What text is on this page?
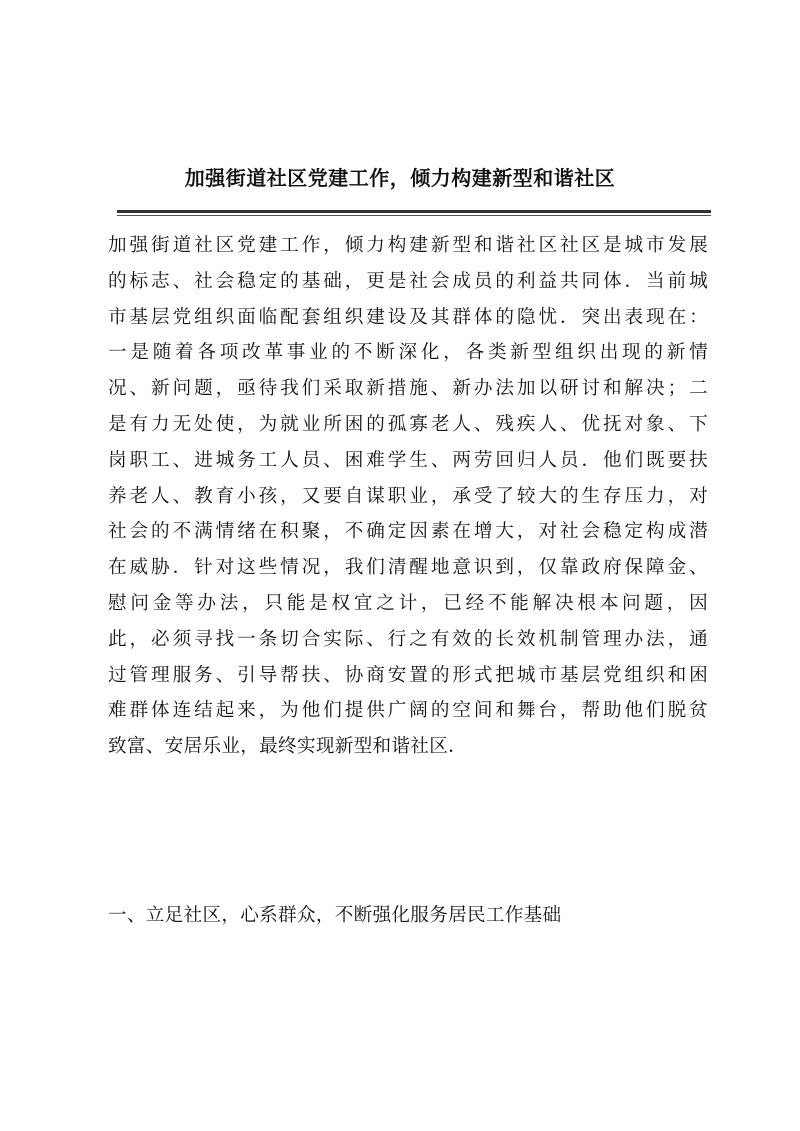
加强街道社区党建工作，倾力构建新型和谐社区
加强街道社区党建工作，倾力构建新型和谐社区社区是城市发展
的标志、社会稳定的基础，更是社会成员的利益共同体．当前城
市基层党组织面临配套组织建设及其群体的隐忧．突出表现在：
一是随着各项改革事业的不断深化，各类新型组织出现的新情
况、新问题，亟待我们采取新措施、新办法加以研讨和解决；二
是有力无处使，为就业所困的孤寡老人、残疾人、优抚对象、下
岗职工、进城务工人员、困难学生、两劳回归人员．他们既要扶
养老人、教育小孩，又要自谋职业，承受了较大的生存压力，对
社会的不满情绪在积聚，不确定因素在增大，对社会稳定构成潜
在威胁．针对这些情况，我们清醒地意识到，仅靠政府保障金、
慰问金等办法，只能是权宜之计，已经不能解决根本问题，因
此，必须寻找一条切合实际、行之有效的长效机制管理办法，通
过管理服务、引导帮扶、协商安置的形式把城市基层党组织和困
难群体连结起来，为他们提供广阔的空间和舞台，帮助他们脱贫
致富、安居乐业，最终实现新型和谐社区．
一、立足社区，心系群众，不断强化服务居民工作基础
